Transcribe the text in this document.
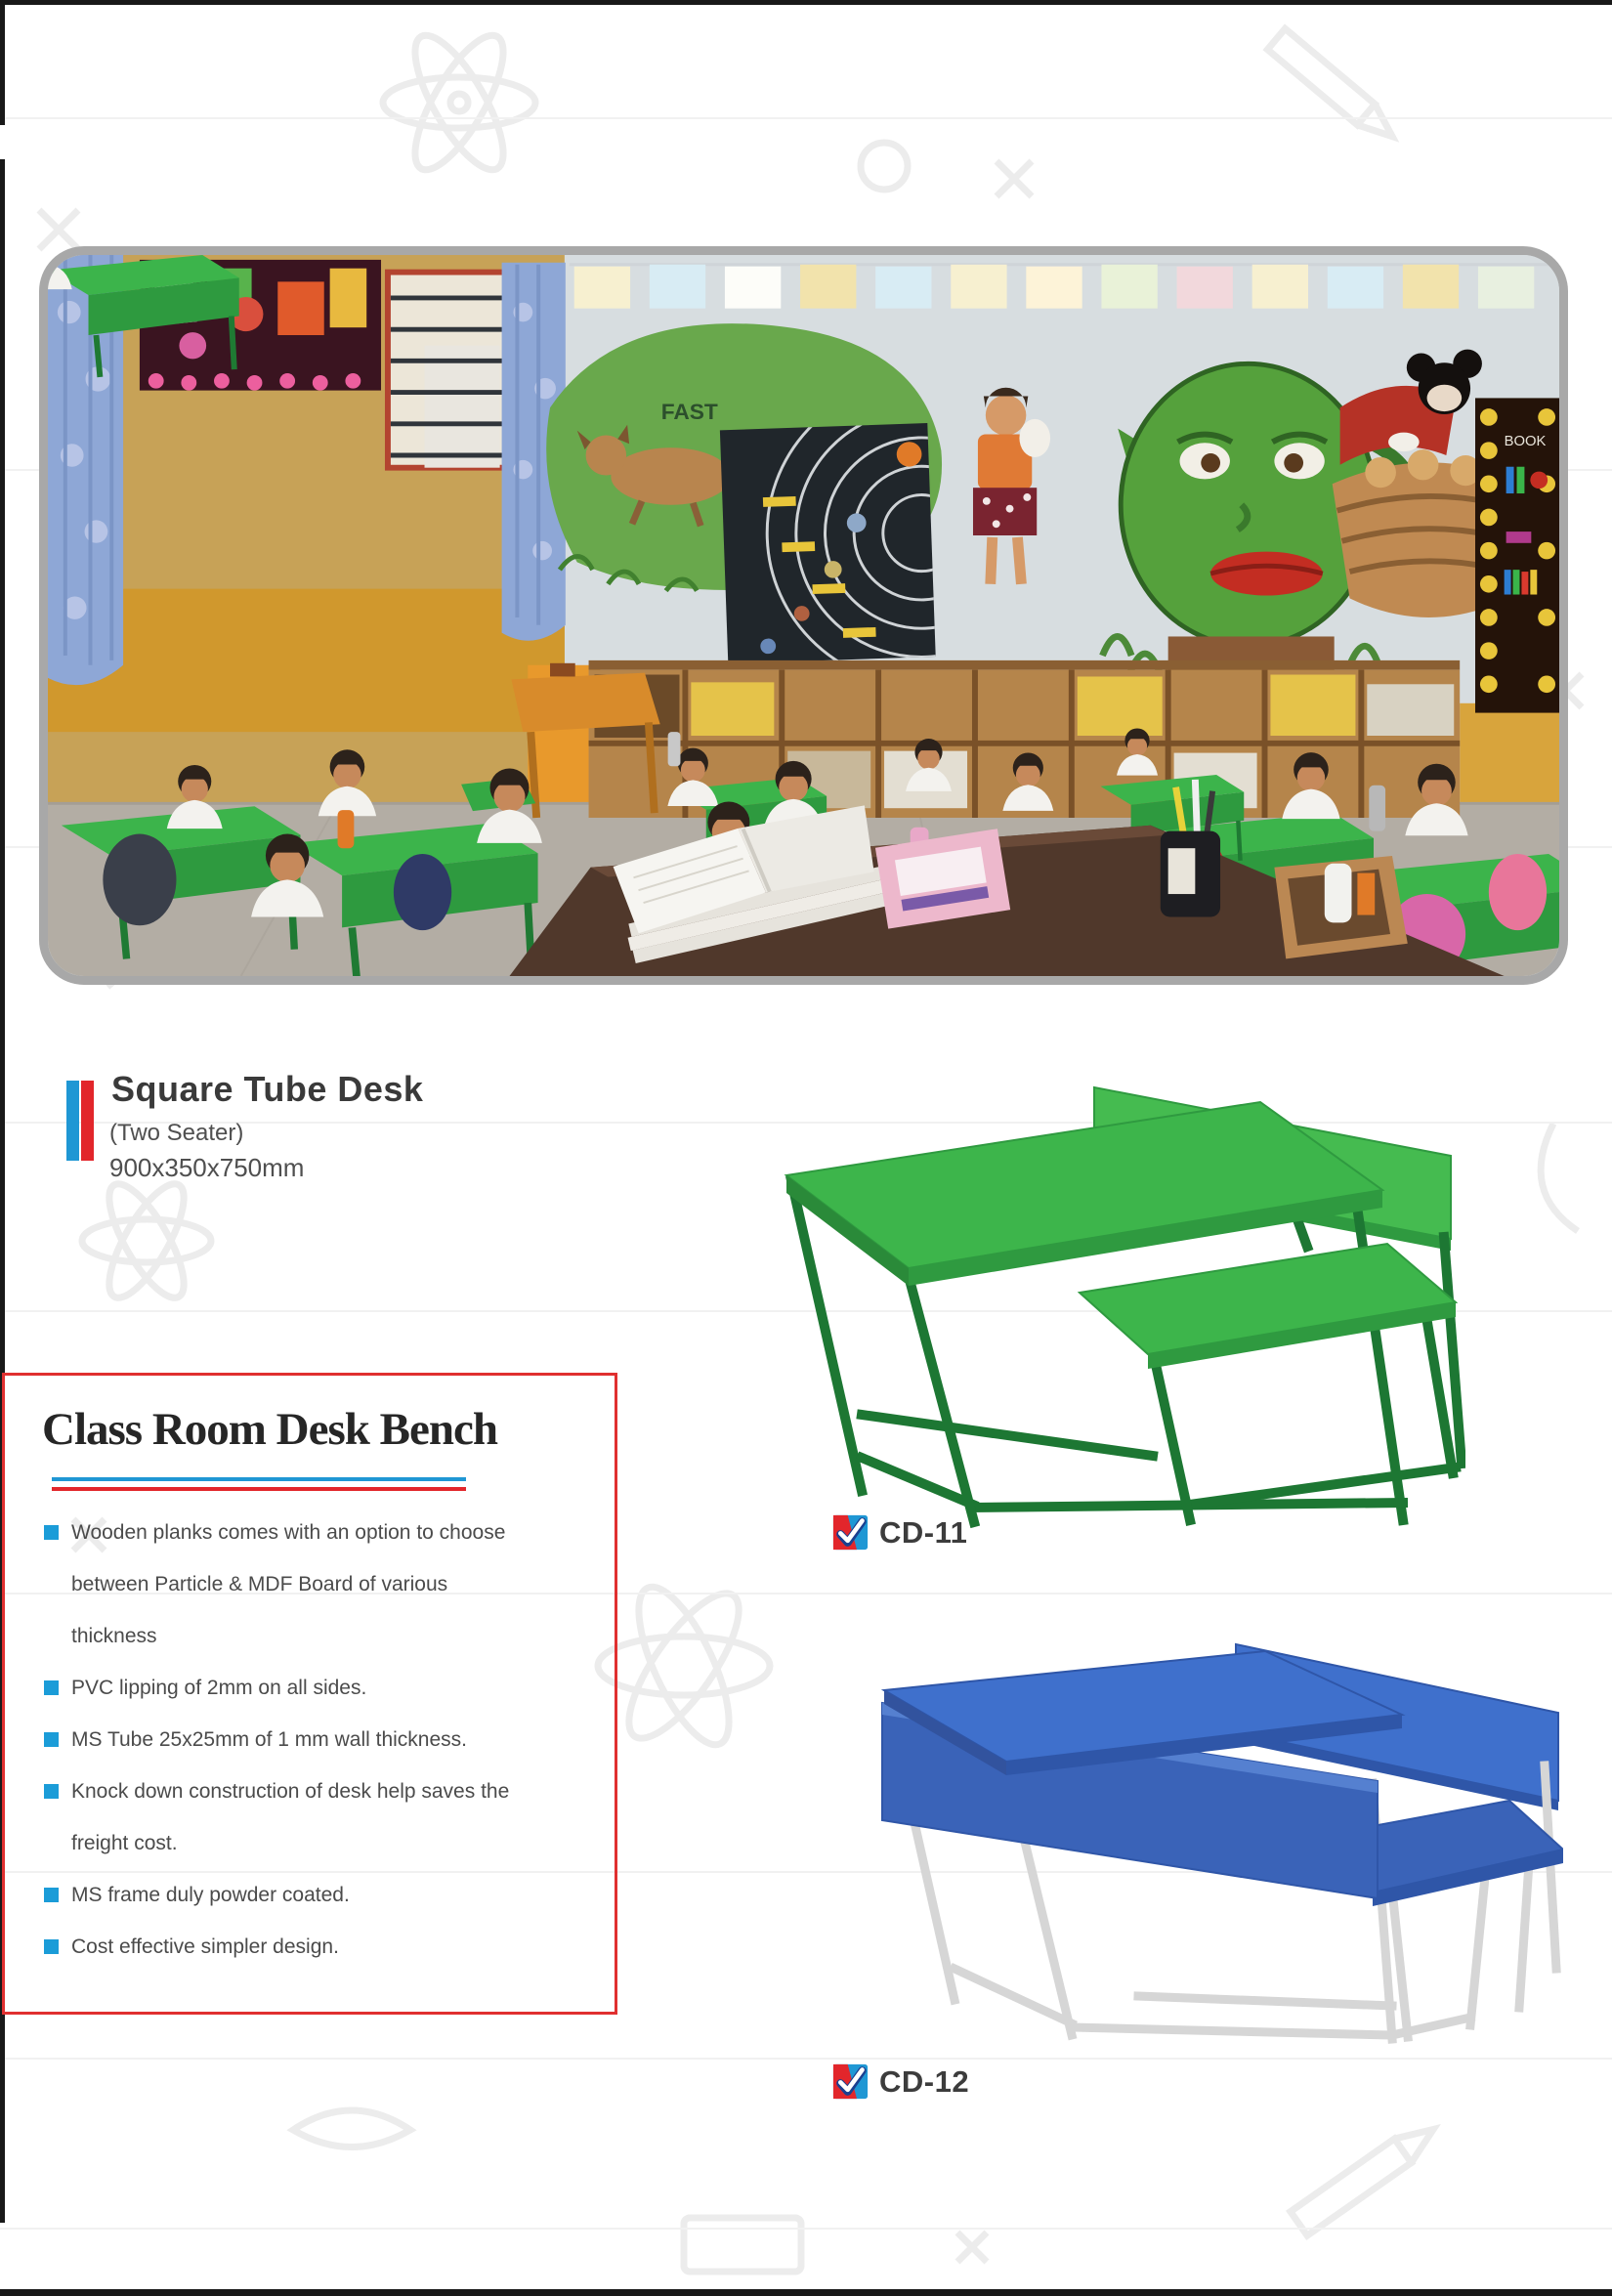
FAST
BOOK
Square Tube Desk
(Two Seater)
900x350x750mm
CD-11
Class Room Desk Bench
Wooden planks comes with an option to choose
between Particle & MDF Board of various
thickness
PVC lipping of 2mm on all sides.
MS Tube 25x25mm of 1 mm wall thickness.
Knock down construction of desk help saves the
freight cost.
MS frame duly powder coated.
Cost effective simpler design.
CD-12
